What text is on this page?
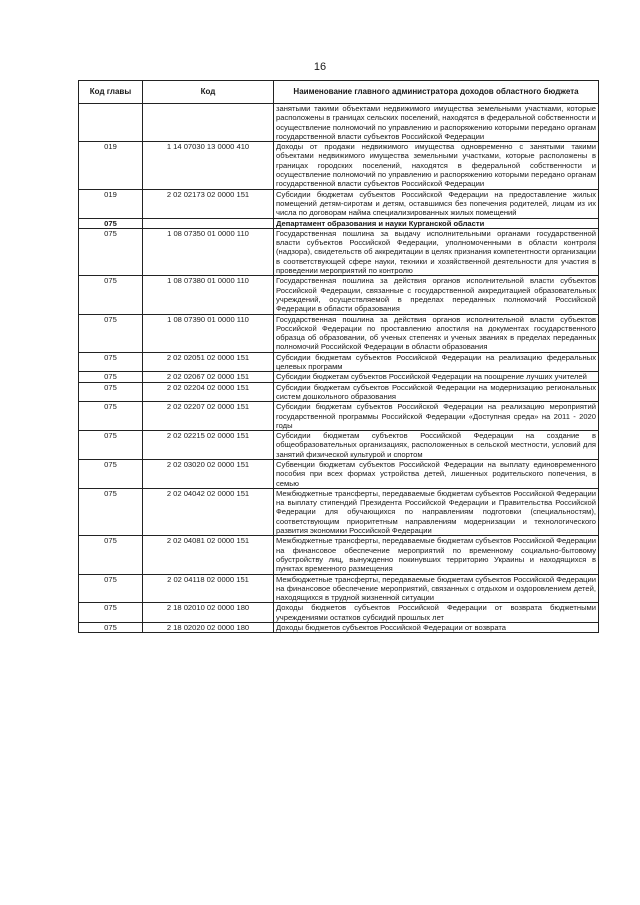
16
Код главы	Код	Наименование главного администратора доходов областного бюджета
		занятыми такими объектами недвижимого имущества земельными участками, которые расположены в границах сельских поселений, находятся в федеральной собственности и осуществление полномочий по управлению и распоряжению которыми передано органам государственной власти субъектов Российской Федерации
019	1 14 07030 13 0000 410	Доходы от продажи недвижимого имущества одновременно с занятыми такими объектами недвижимого имущества земельными участками, которые расположены в границах городских поселений, находятся в федеральной собственности и осуществление полномочий по управлению и распоряжению которыми передано органам государственной власти субъектов Российской Федерации
019	2 02 02173 02 0000 151	Субсидии бюджетам субъектов Российской Федерации на предоставление жилых помещений детям-сиротам и детям, оставшимся без попечения родителей, лицам из их числа по договорам найма специализированных жилых помещений
075		Департамент образования и науки Курганской области
075	1 08 07350 01 0000 110	Государственная пошлина за выдачу исполнительными органами государственной власти субъектов Российской Федерации, уполномоченными в области контроля (надзора), свидетельств об аккредитации в целях признания компетентности организации в соответствующей сфере науки, техники и хозяйственной деятельности для участия в проведении мероприятий по контролю
075	1 08 07380 01 0000 110	Государственная пошлина за действия органов исполнительной власти субъектов Российской Федерации, связанные с государственной аккредитацией образовательных учреждений, осуществляемой в пределах переданных полномочий Российской Федерации в области образования
075	1 08 07390 01 0000 110	Государственная пошлина за действия органов исполнительной власти субъектов Российской Федерации по проставлению апостиля на документах государственного образца об образовании, об ученых степенях и ученых званиях в пределах переданных полномочий Российской Федерации в области образования
075	2 02 02051 02 0000 151	Субсидии бюджетам субъектов Российской Федерации на реализацию федеральных целевых программ
075	2 02 02067 02 0000 151	Субсидии бюджетам субъектов Российской Федерации на поощрение лучших учителей
075	2 02 02204 02 0000 151	Субсидии бюджетам субъектов Российской Федерации на модернизацию региональных систем дошкольного образования
075	2 02 02207 02 0000 151	Субсидии бюджетам субъектов Российской Федерации на реализацию мероприятий государственной программы Российской Федерации «Доступная среда» на 2011 - 2020 годы
075	2 02 02215 02 0000 151	Субсидии бюджетам субъектов Российской Федерации на создание в общеобразовательных организациях, расположенных в сельской местности, условий для занятий физической культурой и спортом
075	2 02 03020 02 0000 151	Субвенции бюджетам субъектов Российской Федерации на выплату единовременного пособия при всех формах устройства детей, лишенных родительского попечения, в семью
075	2 02 04042 02 0000 151	Межбюджетные трансферты, передаваемые бюджетам субъектов Российской Федерации на выплату стипендий Президента Российской Федерации и Правительства Российской Федерации для обучающихся по направлениям подготовки (специальностям), соответствующим приоритетным направлениям модернизации и технологического развития экономики Российской Федерации
075	2 02 04081 02 0000 151	Межбюджетные трансферты, передаваемые бюджетам субъектов Российской Федерации на финансовое обеспечение мероприятий по временному социально-бытовому обустройству лиц, вынужденно покинувших территорию Украины и находящихся в пунктах временного размещения
075	2 02 04118 02 0000 151	Межбюджетные трансферты, передаваемые бюджетам субъектов Российской Федерации на финансовое обеспечение мероприятий, связанных с отдыхом и оздоровлением детей, находящихся в трудной жизненной ситуации
075	2 18 02010 02 0000 180	Доходы бюджетов субъектов Российской Федерации от возврата бюджетными учреждениями остатков субсидий прошлых лет
075	2 18 02020 02 0000 180	Доходы бюджетов субъектов Российской Федерации от возврата
